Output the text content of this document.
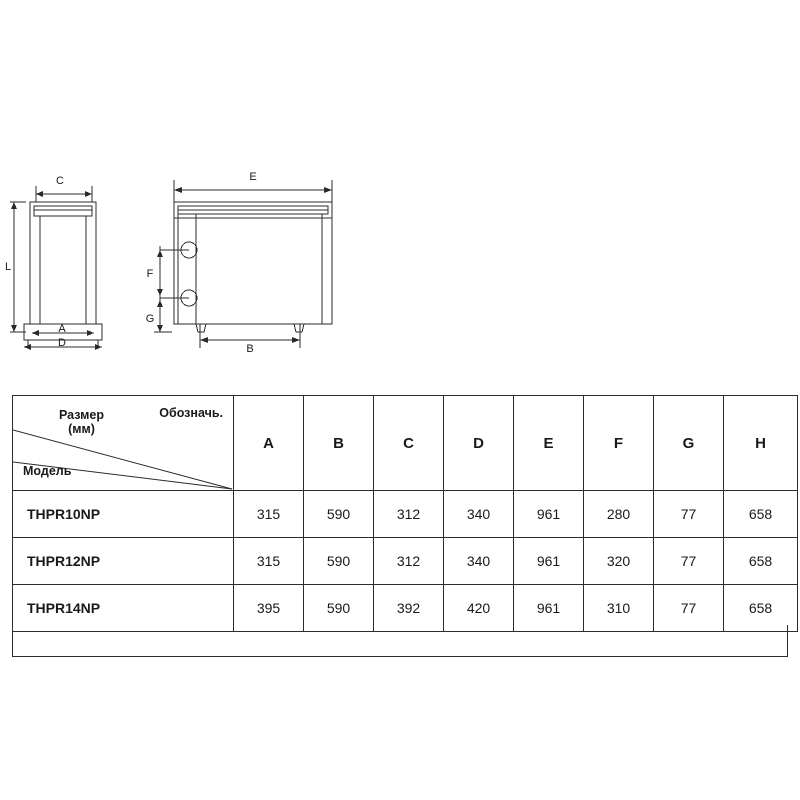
C
L
A
D
E
F
G
B
Размер
(мм)
Обозначь.
Модель	A	B	C	D	E	F	G	H
THPR10NP	315	590	312	340	961	280	77	658
THPR12NP	315	590	312	340	961	320	77	658
THPR14NP	395	590	392	420	961	310	77	658
